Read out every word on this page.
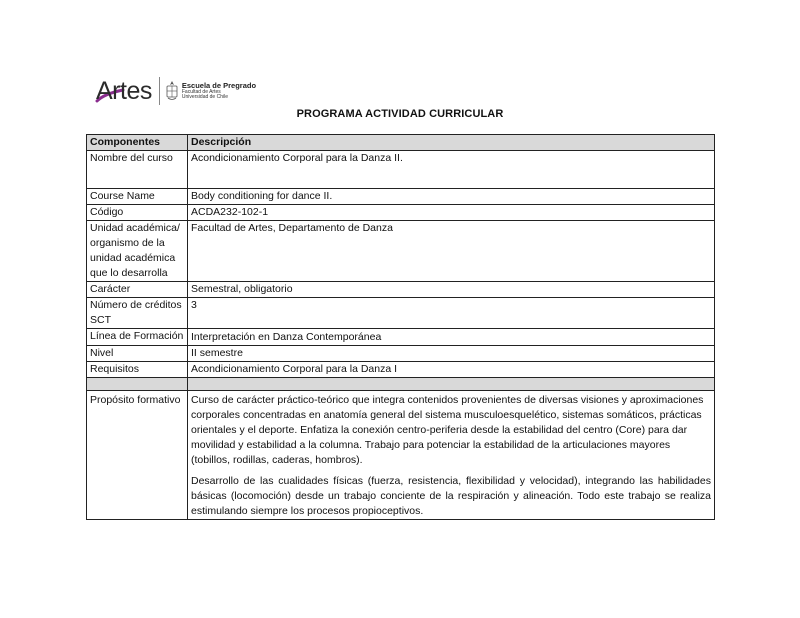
Artes	Escuela de Pregrado
Facultad de Artes
Universidad de Chile
PROGRAMA ACTIVIDAD CURRICULAR
Componentes	Descripción
Nombre del curso	Acondicionamiento Corporal para la Danza II.
Course Name	Body conditioning for dance II.
Código	ACDA232-102-1
Unidad académica/ organismo de la unidad académica que lo desarrolla	Facultad de Artes, Departamento de Danza
Carácter	Semestral, obligatorio
Número de créditos SCT	3
Línea de Formación	Interpretación en Danza Contemporánea
Nivel	II semestre
Requisitos	Acondicionamiento Corporal para la Danza I

Propósito formativo	Curso de carácter práctico-teórico que integra contenidos provenientes de diversas visiones y aproximaciones corporales concentradas en anatomía general del sistema musculoesquelético, sistemas somáticos, prácticas orientales y el deporte. Enfatiza la conexión centro-periferia desde la estabilidad del centro (Core) para dar movilidad y estabilidad a la columna. Trabajo para potenciar la estabilidad de la articulaciones mayores (tobillos, rodillas, caderas, hombros).

Desarrollo de las cualidades físicas (fuerza, resistencia, flexibilidad y velocidad), integrando las habilidades básicas (locomoción) desde un trabajo conciente de la respiración y alineación. Todo este trabajo se realiza estimulando siempre los procesos propioceptivos.
